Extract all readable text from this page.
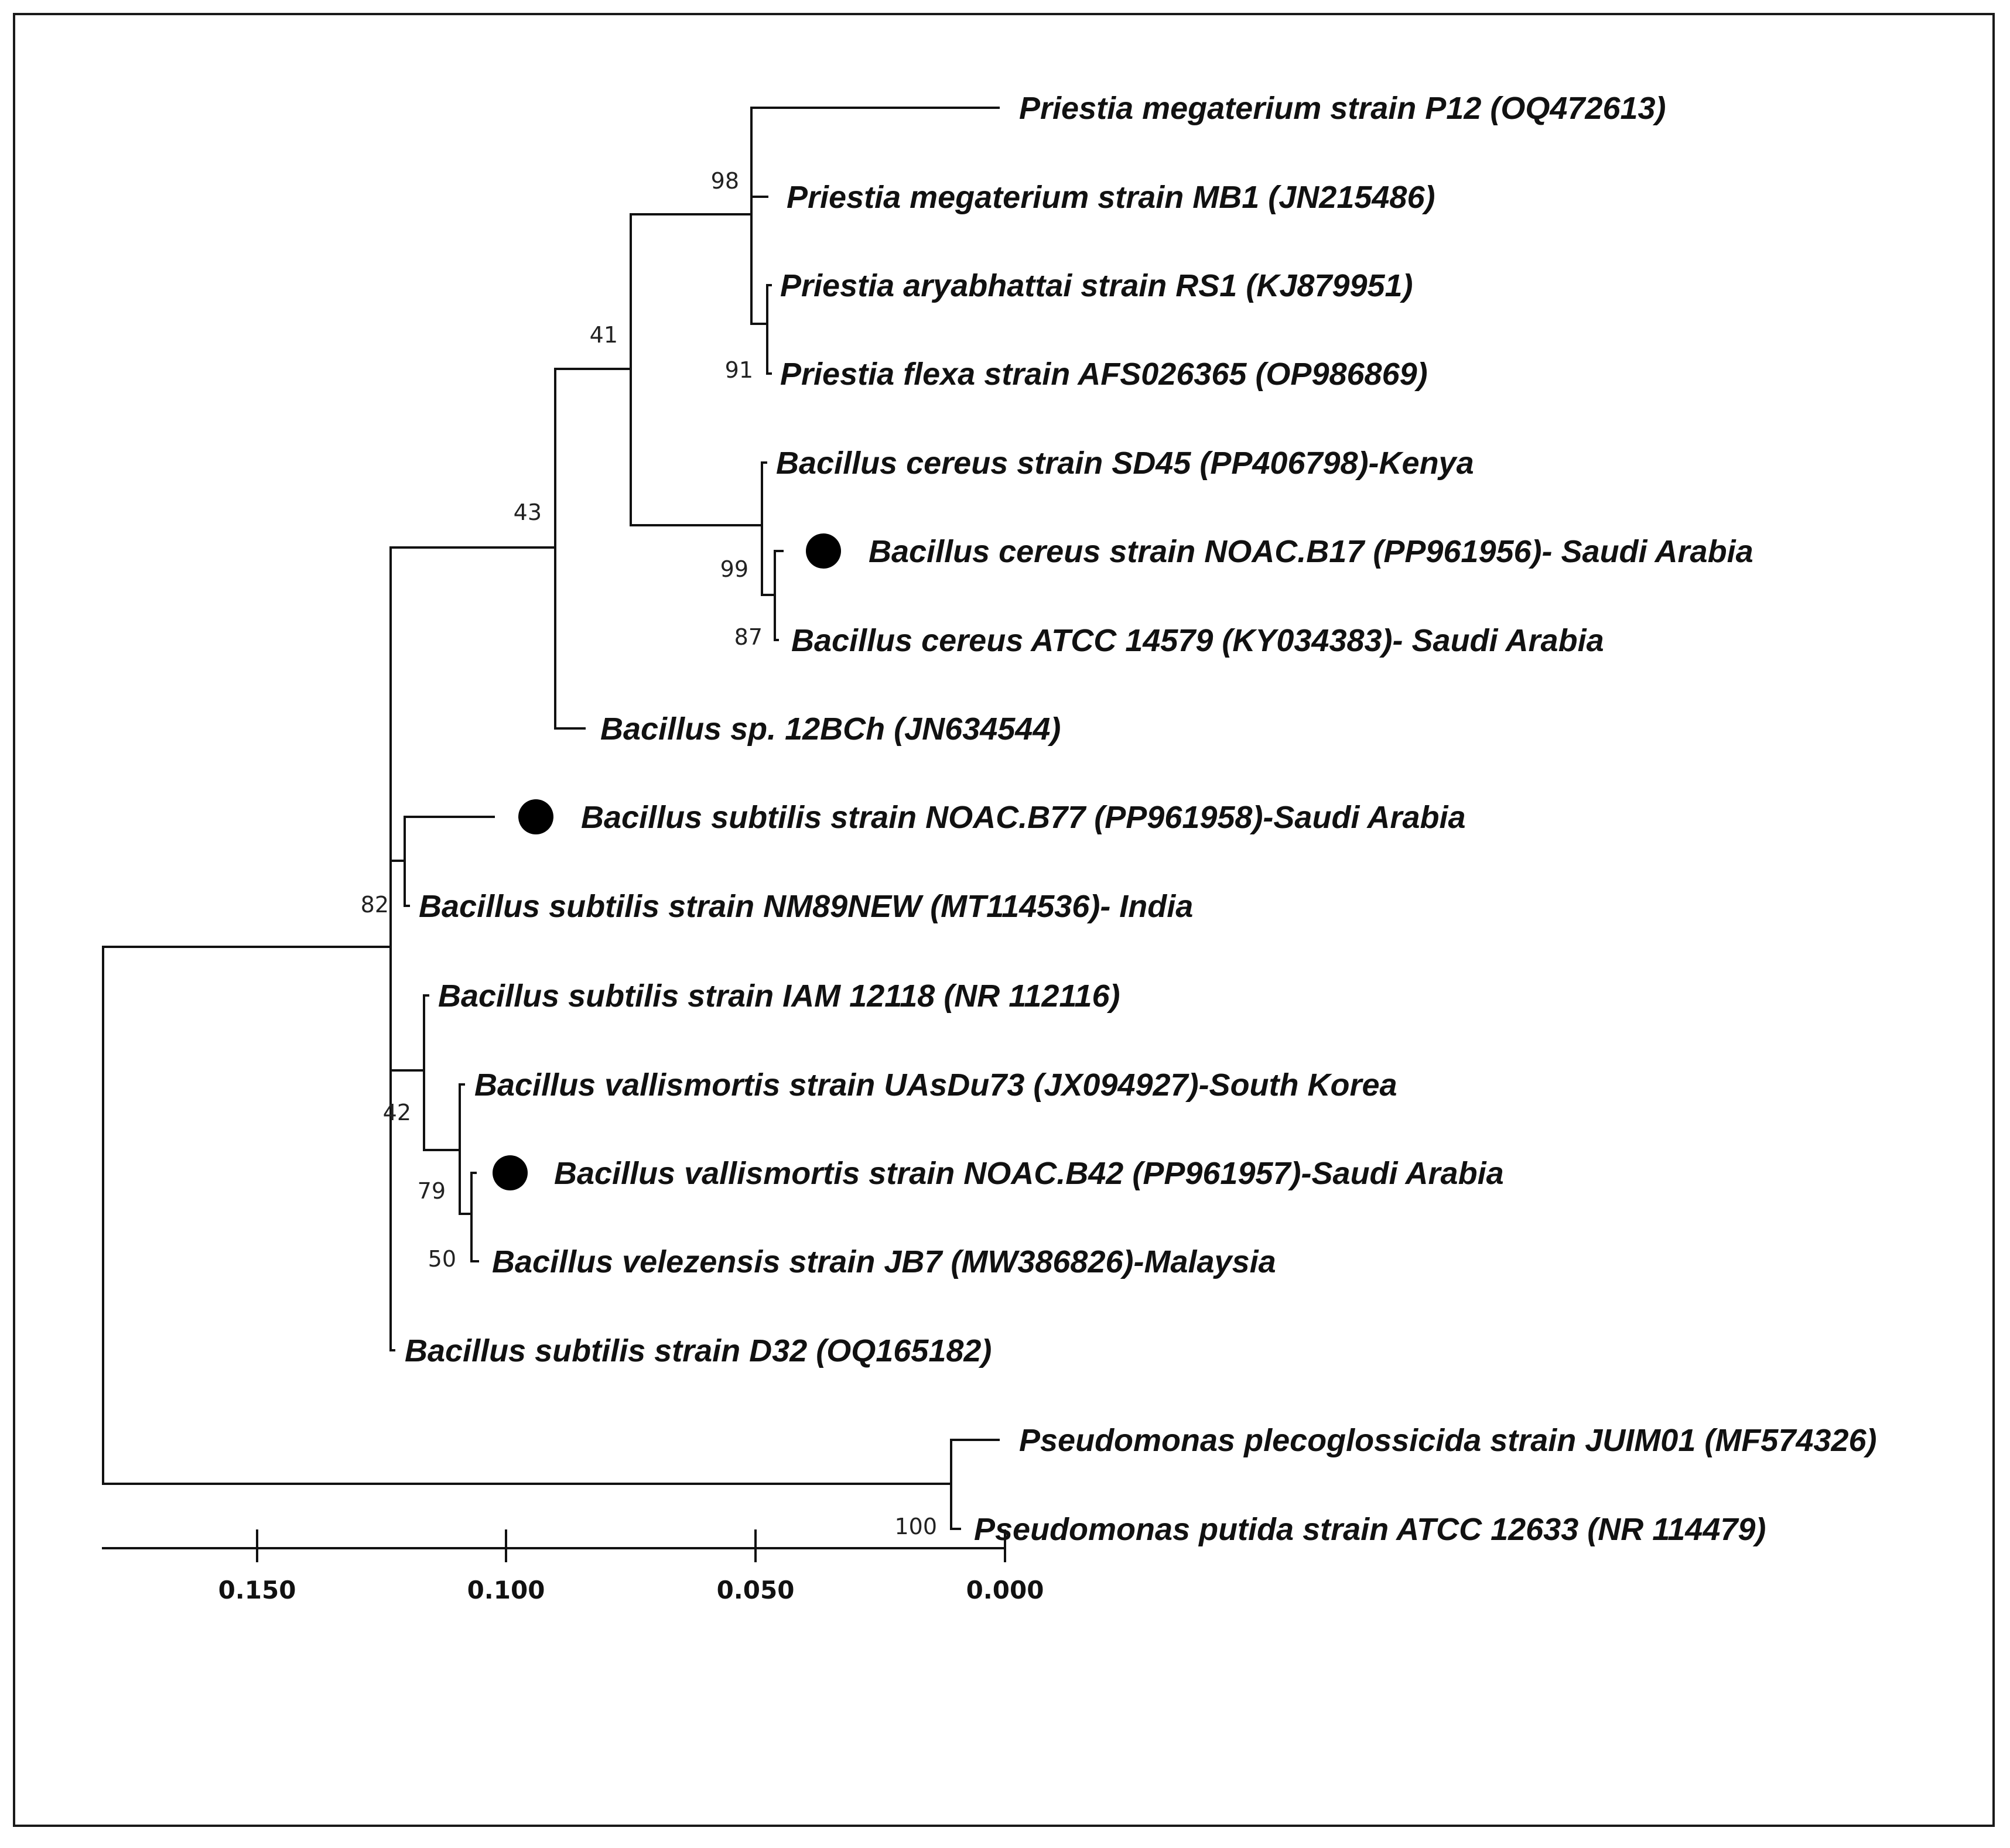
Priestia megaterium strain P12 (OQ472613)
Priestia megaterium strain MB1 (JN215486)
Priestia aryabhattai strain RS1 (KJ879951)
Priestia flexa strain AFS026365 (OP986869)
Bacillus cereus strain SD45 (PP406798)-Kenya
Bacillus cereus strain NOAC.B17 (PP961956)- Saudi Arabia
Bacillus cereus ATCC 14579 (KY034383)- Saudi Arabia
Bacillus sp. 12BCh (JN634544)
Bacillus subtilis strain NOAC.B77 (PP961958)-Saudi Arabia
Bacillus subtilis strain NM89NEW (MT114536)- India
Bacillus subtilis strain IAM 12118 (NR 112116)
Bacillus vallismortis strain UAsDu73 (JX094927)-South Korea
Bacillus vallismortis strain NOAC.B42 (PP961957)-Saudi Arabia
Bacillus velezensis strain JB7 (MW386826)-Malaysia
Bacillus subtilis strain D32 (OQ165182)
Pseudomonas plecoglossicida strain JUIM01 (MF574326)
Pseudomonas putida strain ATCC 12633 (NR 114479)
98
41
91
43
99
87
82
42
79
50
100
0.150	0.100	0.050	0.000
